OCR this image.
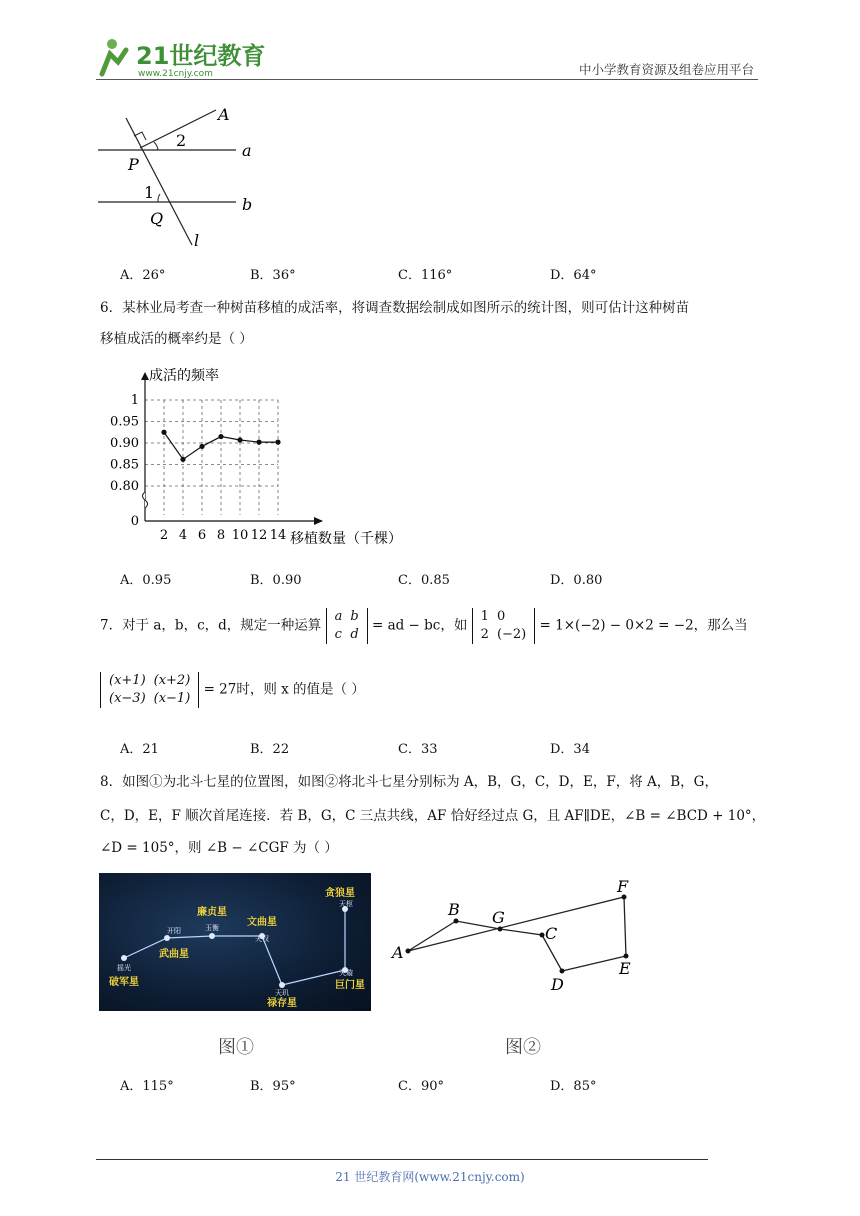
21世纪教育
www.21cnjy.com	中小学教育资源及组卷应用平台
A
a
b
P
Q
l
1
2
A．26°	B．36°	C．116°	D．64°
6．某林业局考查一种树苗移植的成活率，将调查数据绘制成如图所示的统计图，则可估计这种树苗
移植成活的概率约是（ ）
1
0.95
0.90
0.85
0.80
2 4 6 8 10 12 14
0
成活的频率
移植数量（千棵）
A．0.95	B．0.90	C．0.85	D．0.80
7．对于 a，b，c，d，规定一种运算 a	b
c	d = ad − bc，如 1	0
2	(−2) = 1×(−2) − 0×2 = −2，那么当
(x+1)	(x+2)
(x−3)	(x−1) = 27时，则 x 的值是（ ）
A．21	B．22	C．33	D．34
8．如图①为北斗七星的位置图，如图②将北斗七星分别标为 A，B，G，C，D，E，F，将 A，B，G，
C，D，E，F 顺次首尾连接．若 B，G，C 三点共线，AF 恰好经过点 G，且 AF∥DE，∠B = ∠BCD + 10°，
∠D = 105°，则 ∠B − ∠CGF 为（ ）
贪狼星
廉贞星
文曲星
武曲星
破军星	巨门星
禄存星
天枢
玉衡
天权
开阳
摇光
天玑
天璇
A
B G
C
D
E
F
图①	图②
A．115°	B．95°	C．90°	D．85°
21 世纪教育网(www.21cnjy.com)
